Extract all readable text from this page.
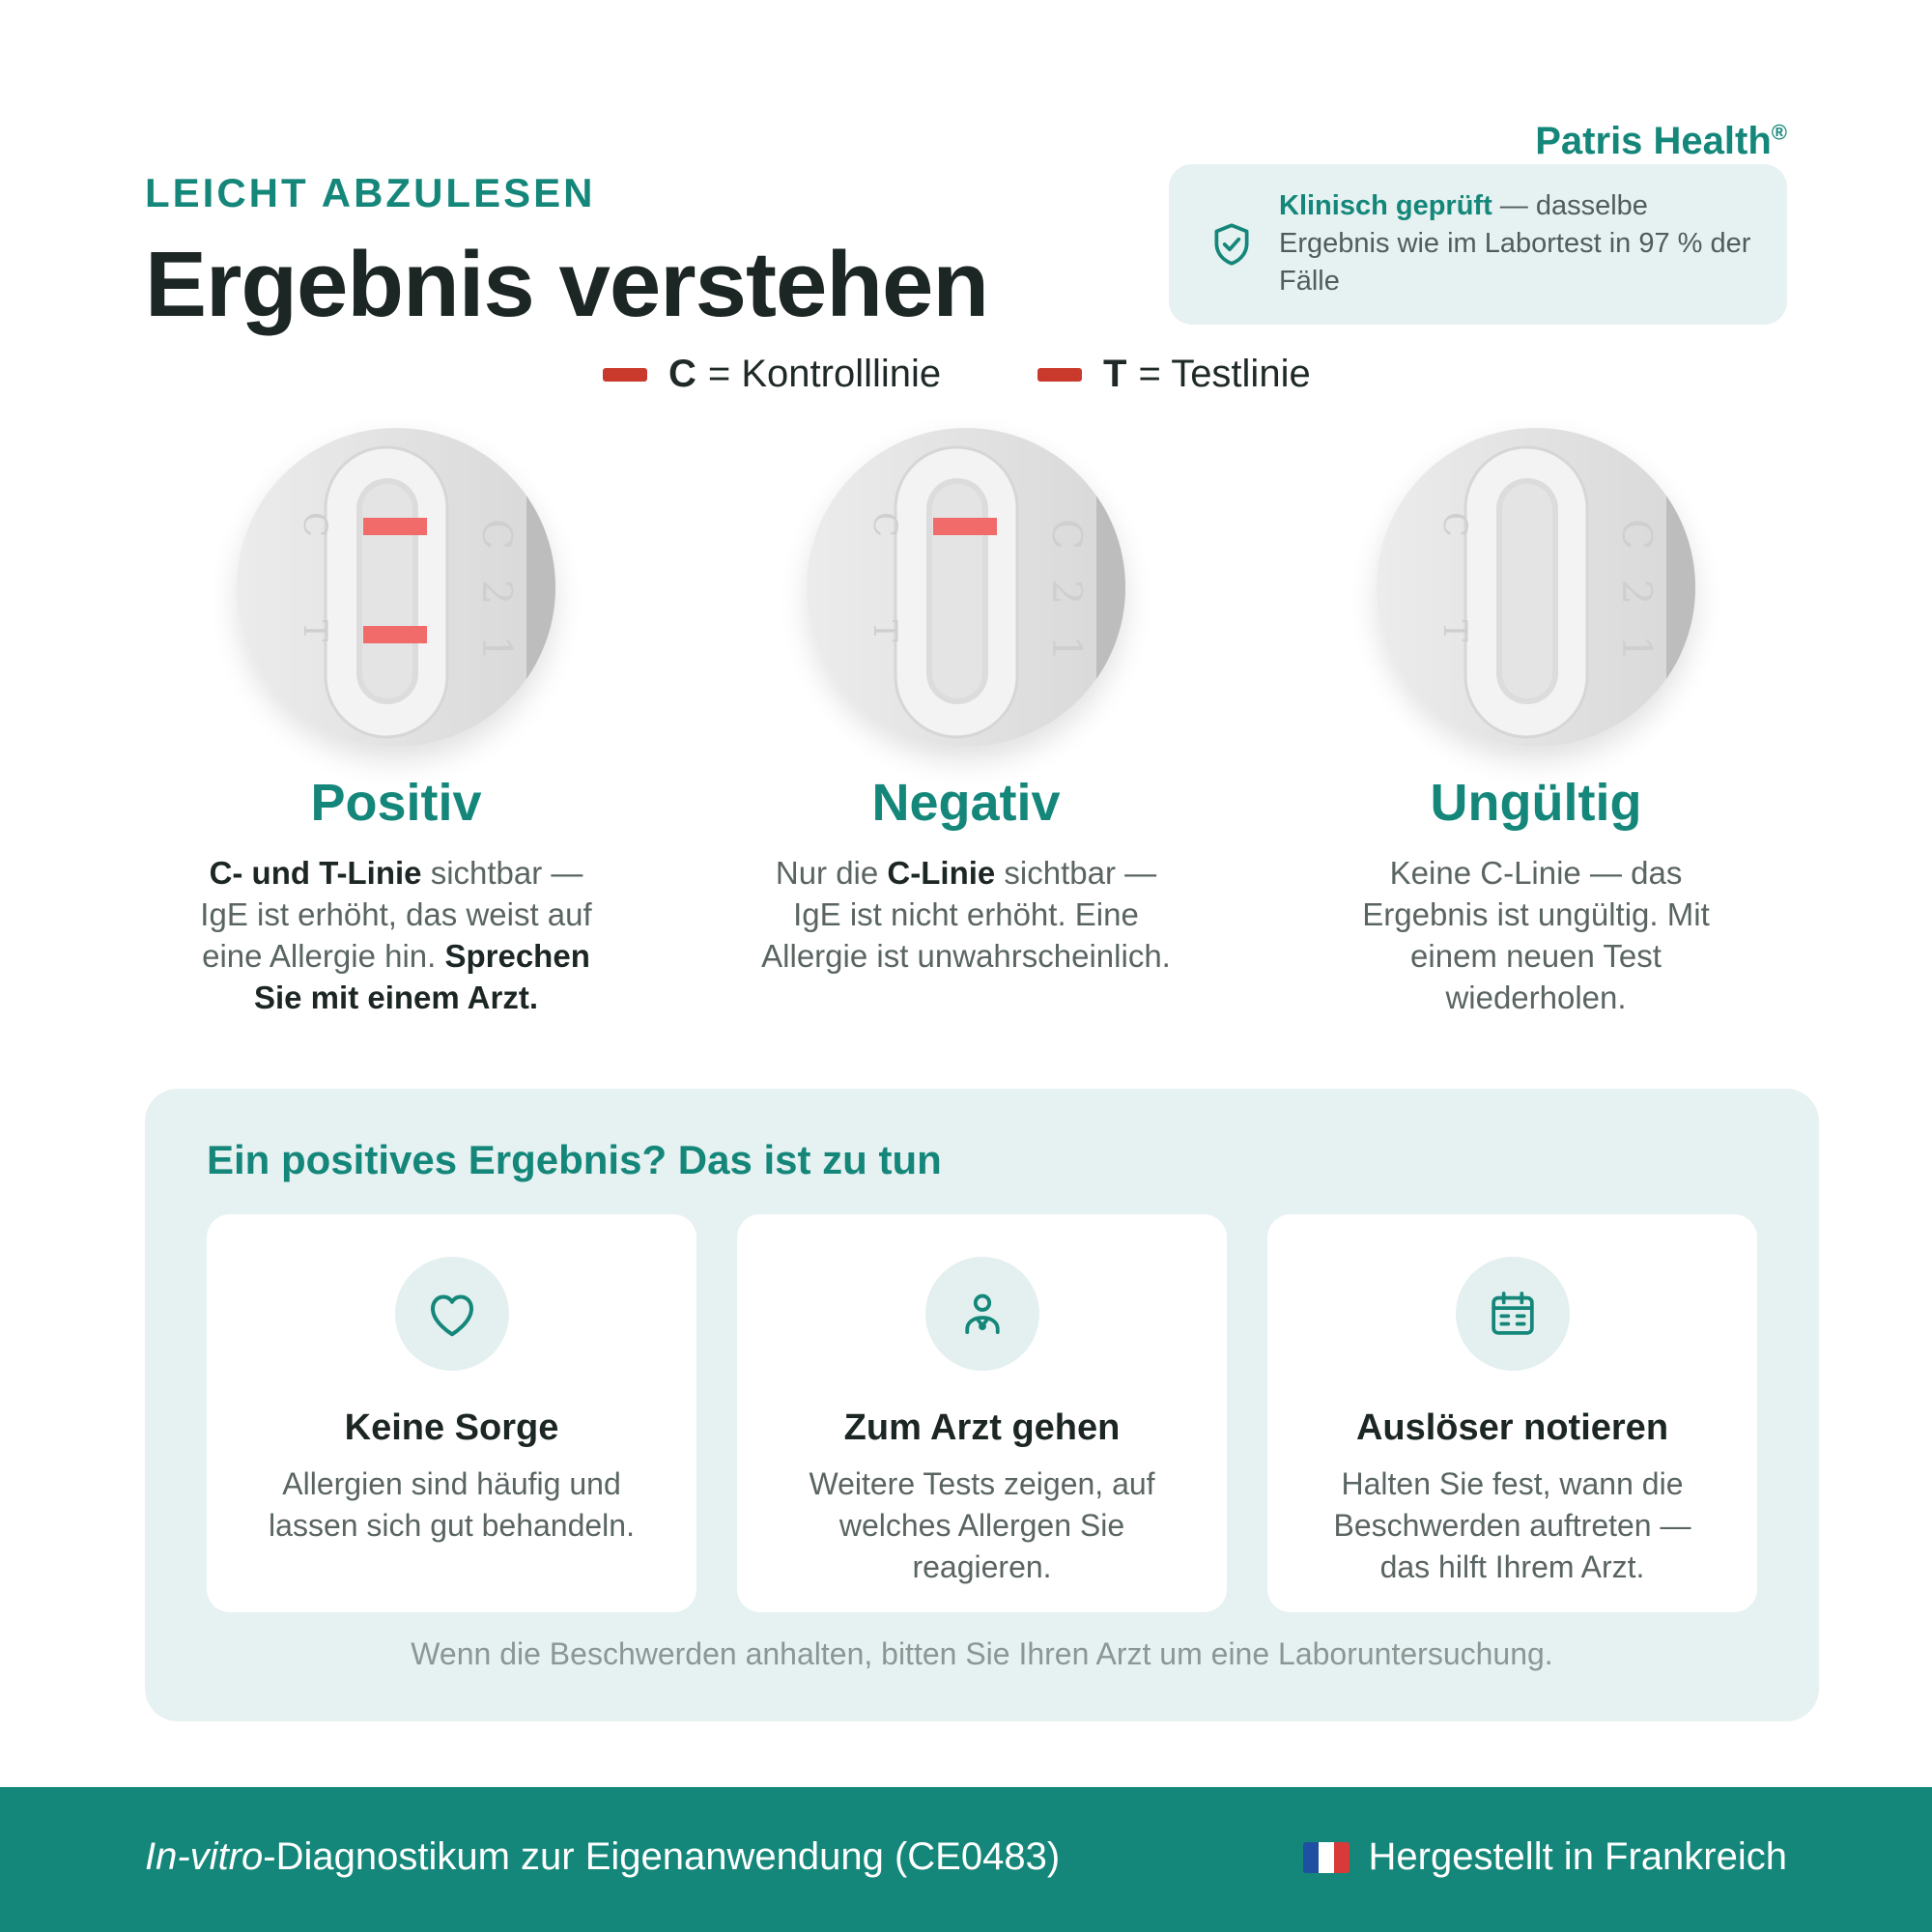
LEICHT ABZULESEN
Ergebnis verstehen
Patris Health®
Klinisch geprüft — dasselbe Ergebnis wie im Labortest in 97 % der Fälle
C = Kontrolllinie	T = Testlinie
C
T
C
2
1
C
T
C
2
1
C
T
C
2
1
Positiv

C- und T-Linie sichtbar — IgE ist erhöht, das weist auf eine Allergie hin. Sprechen Sie mit einem Arzt.

Negativ

Nur die C-Linie sichtbar — IgE ist nicht erhöht. Eine Allergie ist unwahrscheinlich.

Ungültig

Keine C-Linie — das Ergebnis ist ungültig. Mit einem neuen Test wiederholen.

Ein positives Ergebnis? Das ist zu tun
Keine Sorge

Allergien sind häufig und lassen sich gut behandeln.

Zum Arzt gehen

Weitere Tests zeigen, auf welches Allergen Sie reagieren.

Auslöser notieren

Halten Sie fest, wann die Beschwerden auftreten — das hilft Ihrem Arzt.

Wenn die Beschwerden anhalten, bitten Sie Ihren Arzt um eine Laboruntersuchung.
In-vitro-Diagnostikum zur Eigenanwendung (CE0483)	Hergestellt in Frankreich
